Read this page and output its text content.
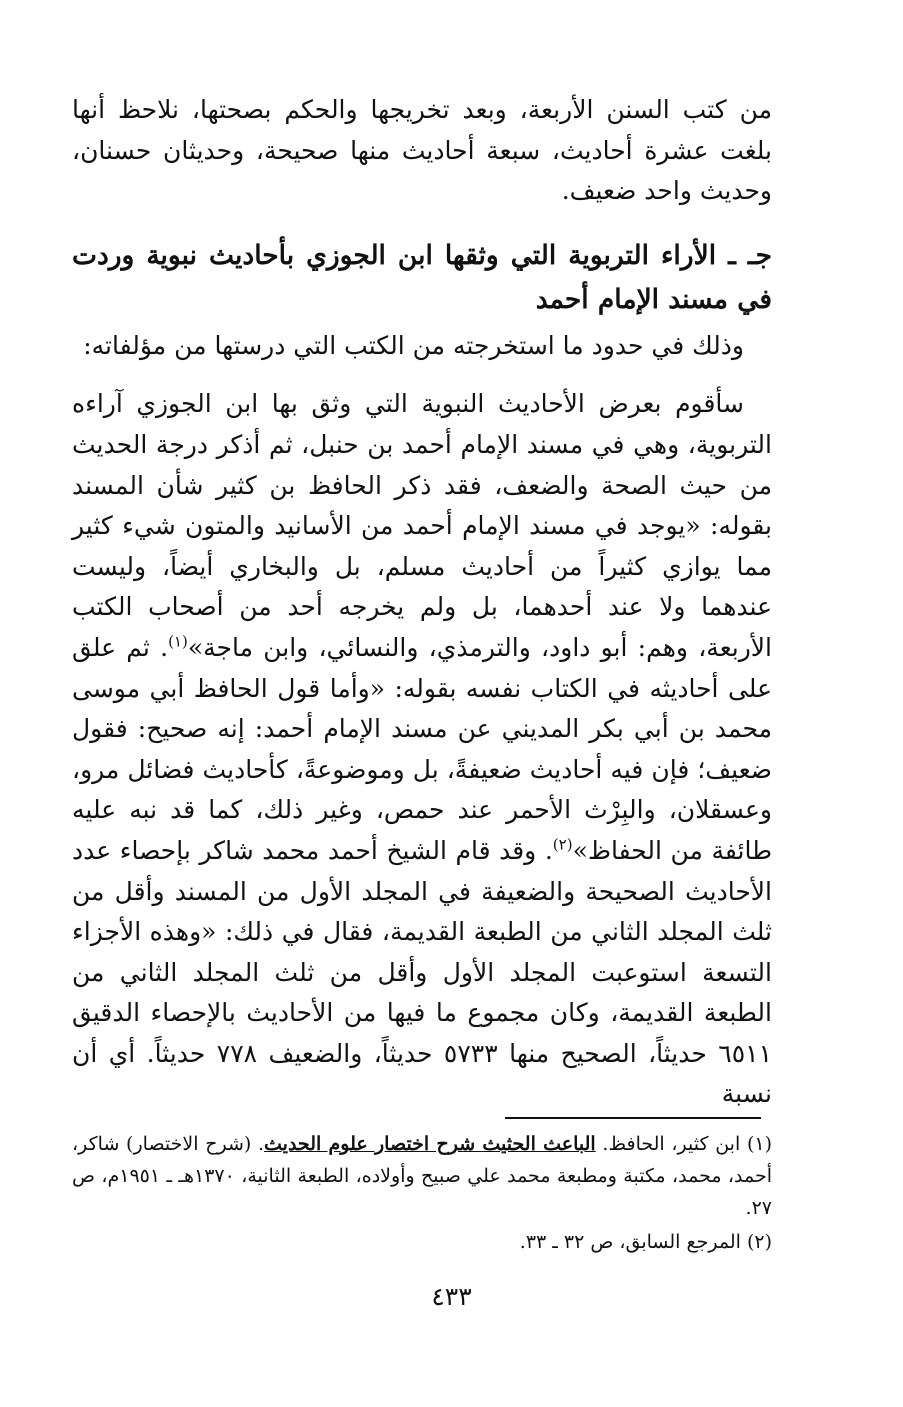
من كتب السنن الأربعة، وبعد تخريجها والحكم بصحتها، نلاحظ أنها بلغت عشرة أحاديث، سبعة أحاديث منها صحيحة، وحديثان حسنان، وحديث واحد ضعيف.

جـ ـ الأراء التربوية التي وثقها ابن الجوزي بأحاديث نبوية وردت في مسند الإمام أحمد

وذلك في حدود ما استخرجته من الكتب التي درستها من مؤلفاته:

سأقوم بعرض الأحاديث النبوية التي وثق بها ابن الجوزي آراءه التربوية، وهي في مسند الإمام أحمد بن حنبل، ثم أذكر درجة الحديث من حيث الصحة والضعف، فقد ذكر الحافظ بن كثير شأن المسند بقوله: «يوجد في مسند الإمام أحمد من الأسانيد والمتون شيء كثير مما يوازي كثيراً من أحاديث مسلم، بل والبخاري أيضاً، وليست عندهما ولا عند أحدهما، بل ولم يخرجه أحد من أصحاب الكتب الأربعة، وهم: أبو داود، والترمذي، والنسائي، وابن ماجة»$^{(١)}$. ثم علق على أحاديثه في الكتاب نفسه بقوله: «وأما قول الحافظ أبي موسى محمد بن أبي بكر المديني عن مسند الإمام أحمد: إنه صحيح: فقول ضعيف؛ فإن فيه أحاديث ضعيفةً، بل وموضوعةً، كأحاديث فضائل مرو، وعسقلان، والبِرْث الأحمر عند حمص، وغير ذلك، كما قد نبه عليه طائفة من الحفاظ»$^{(٢)}$. وقد قام الشيخ أحمد محمد شاكر بإحصاء عدد الأحاديث الصحيحة والضعيفة في المجلد الأول من المسند وأقل من ثلث المجلد الثاني من الطبعة القديمة، فقال في ذلك: «وهذه الأجزاء التسعة استوعبت المجلد الأول وأقل من ثلث المجلد الثاني من الطبعة القديمة، وكان مجموع ما فيها من الأحاديث بالإحصاء الدقيق ٦٥١١ حديثاً، الصحيح منها ٥٧٣٣ حديثاً، والضعيف ٧٧٨ حديثاً. أي أن نسبة

(١) ابن كثير، الحافظ. الباعث الحثيث شرح اختصار علوم الحديث. (شرح الاختصار) شاكر، أحمد، محمد، مكتبة ومطبعة محمد علي صبيح وأولاده، الطبعة الثانية، ١٣٧٠هـ ـ ١٩٥١م، ص ٢٧.

(٢) المرجع السابق، ص ٣٢ ـ ٣٣.

٤٣٣
